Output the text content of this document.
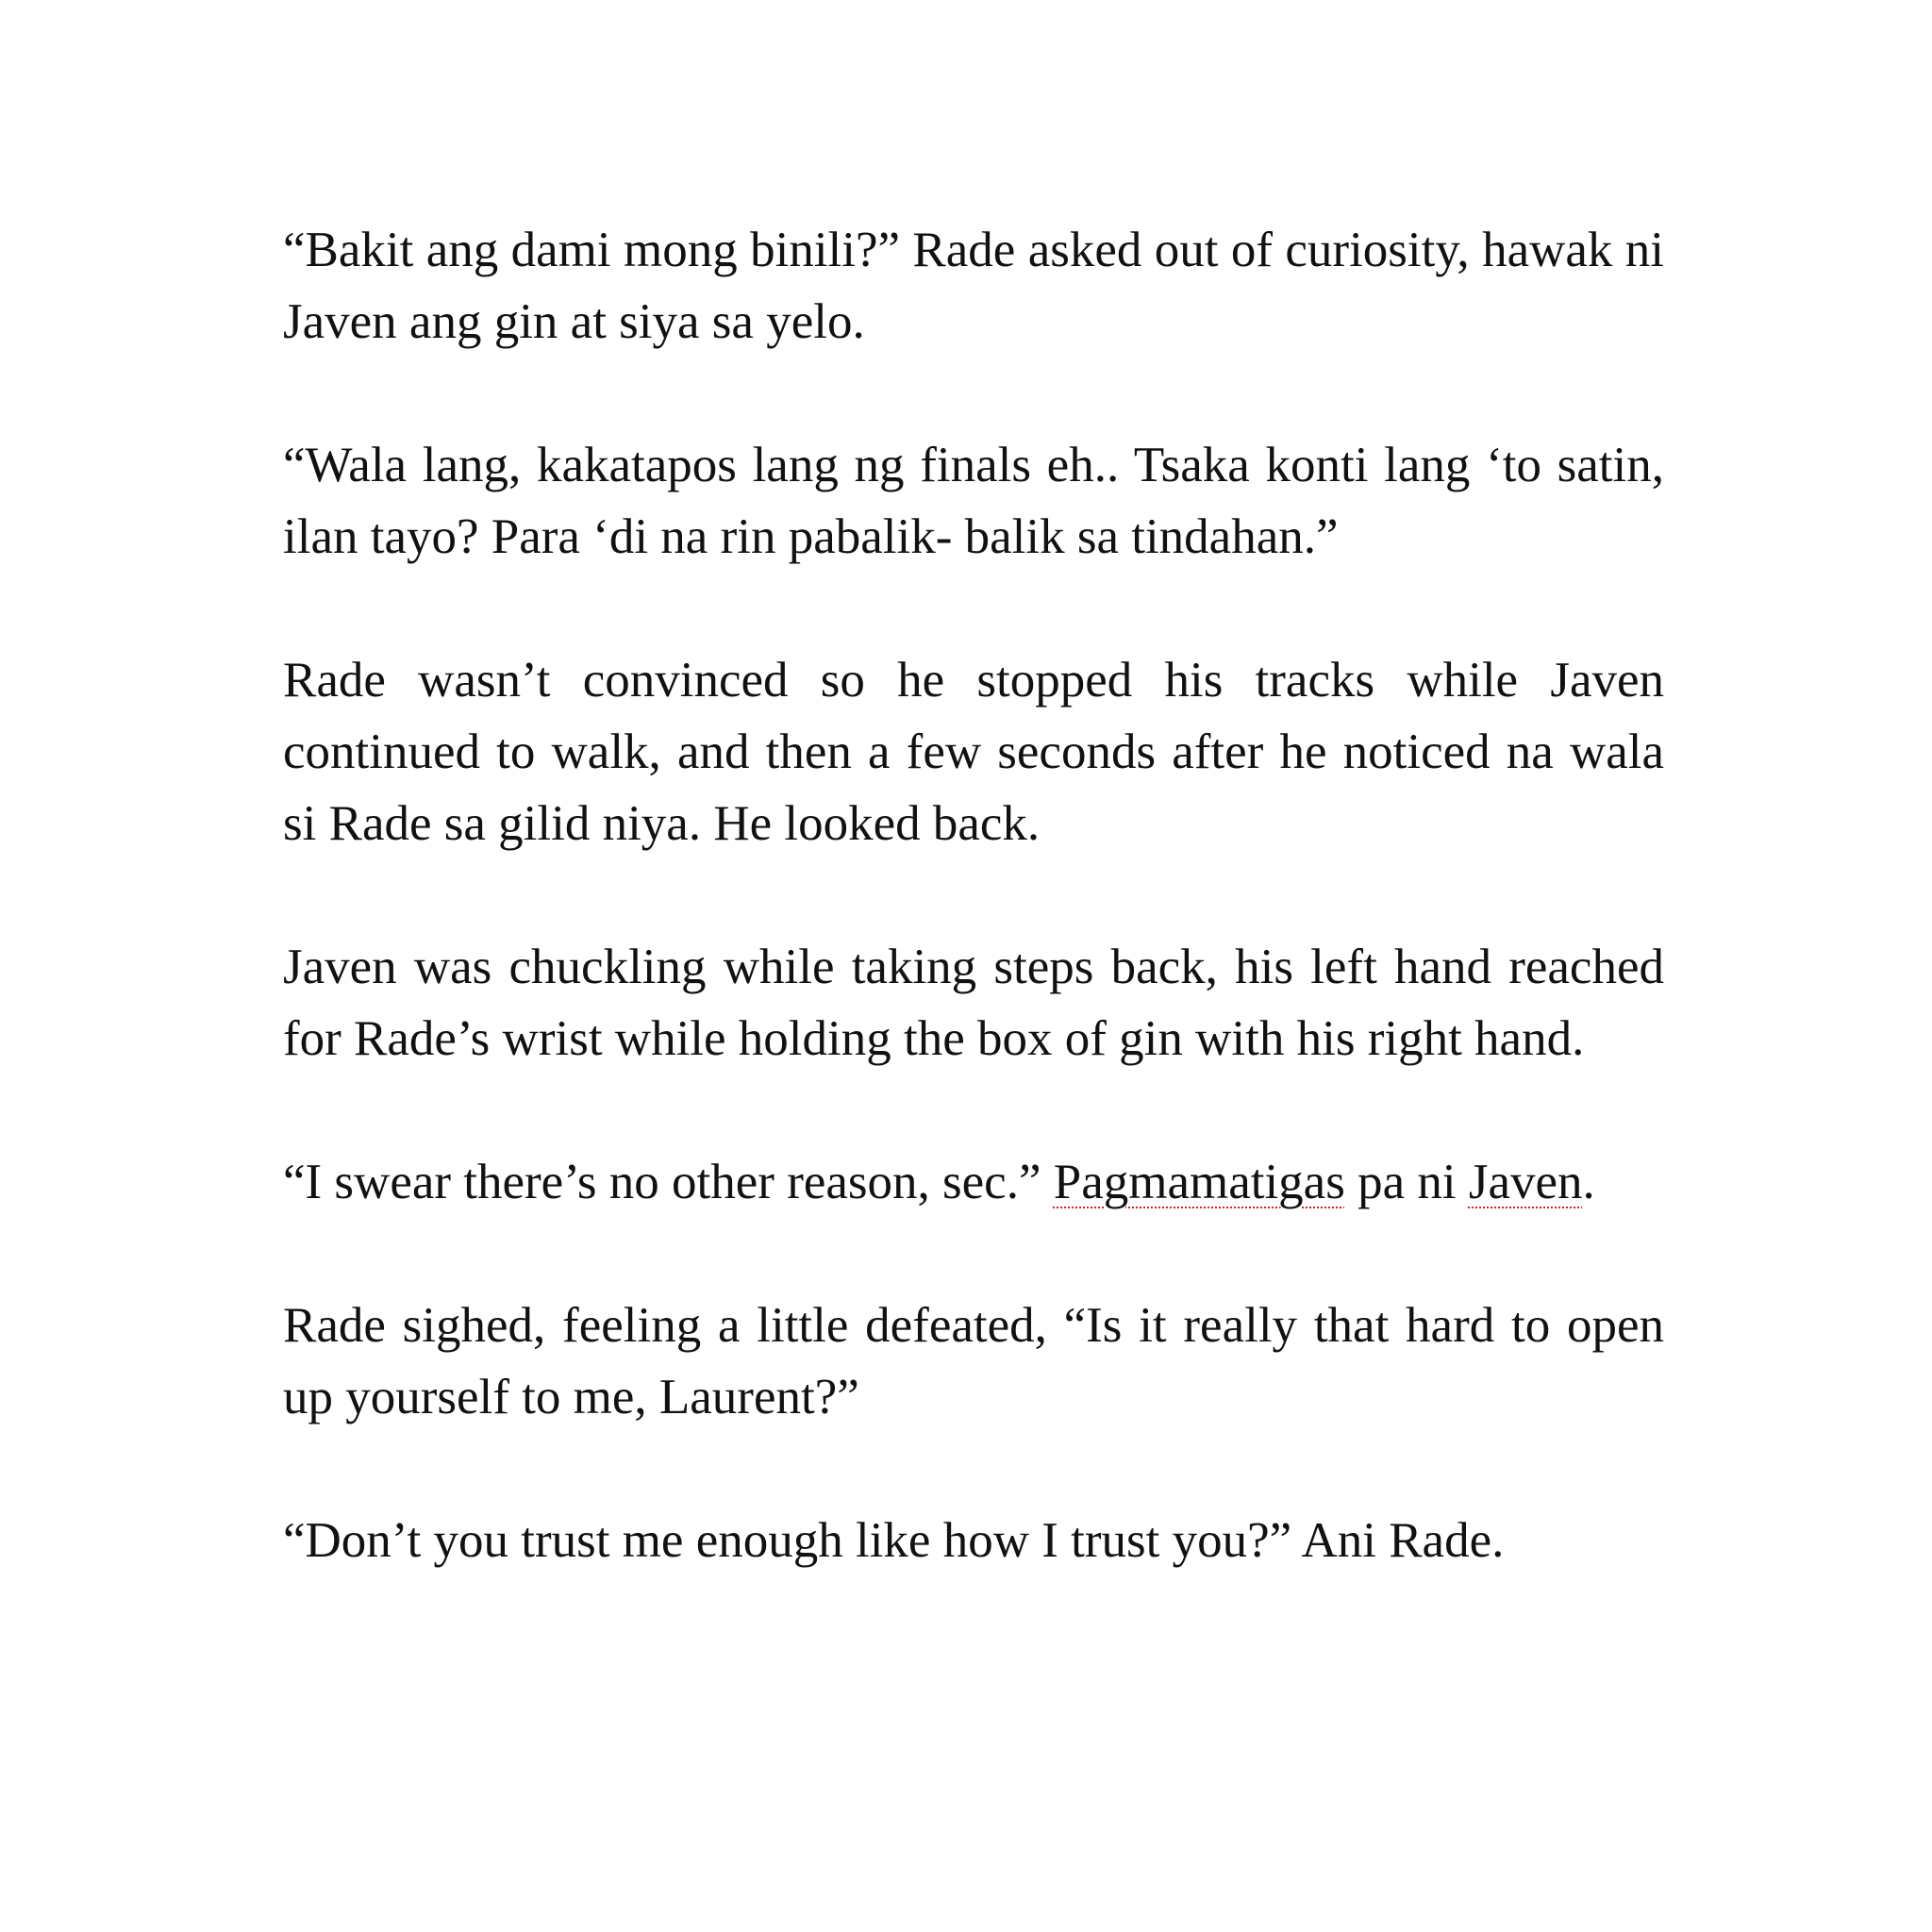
“Bakit ang dami mong binili?” Rade asked out of curiosity, hawak ni Javen ang gin at siya sa yelo.

“Wala lang, kakatapos lang ng finals eh.. Tsaka konti lang ‘to satin, ilan tayo? Para ‘di na rin pabalik- balik sa tindahan.”

Rade wasn’t convinced so he stopped his tracks while Javen continued to walk, and then a few seconds after he noticed na wala si Rade sa gilid niya. He looked back.

Javen was chuckling while taking steps back, his left hand reached for Rade’s wrist while holding the box of gin with his right hand.

“I swear there’s no other reason, sec.” Pagmamatigas pa ni Javen.

Rade sighed, feeling a little defeated, “Is it really that hard to open up yourself to me, Laurent?”

“Don’t you trust me enough like how I trust you?” Ani Rade.
